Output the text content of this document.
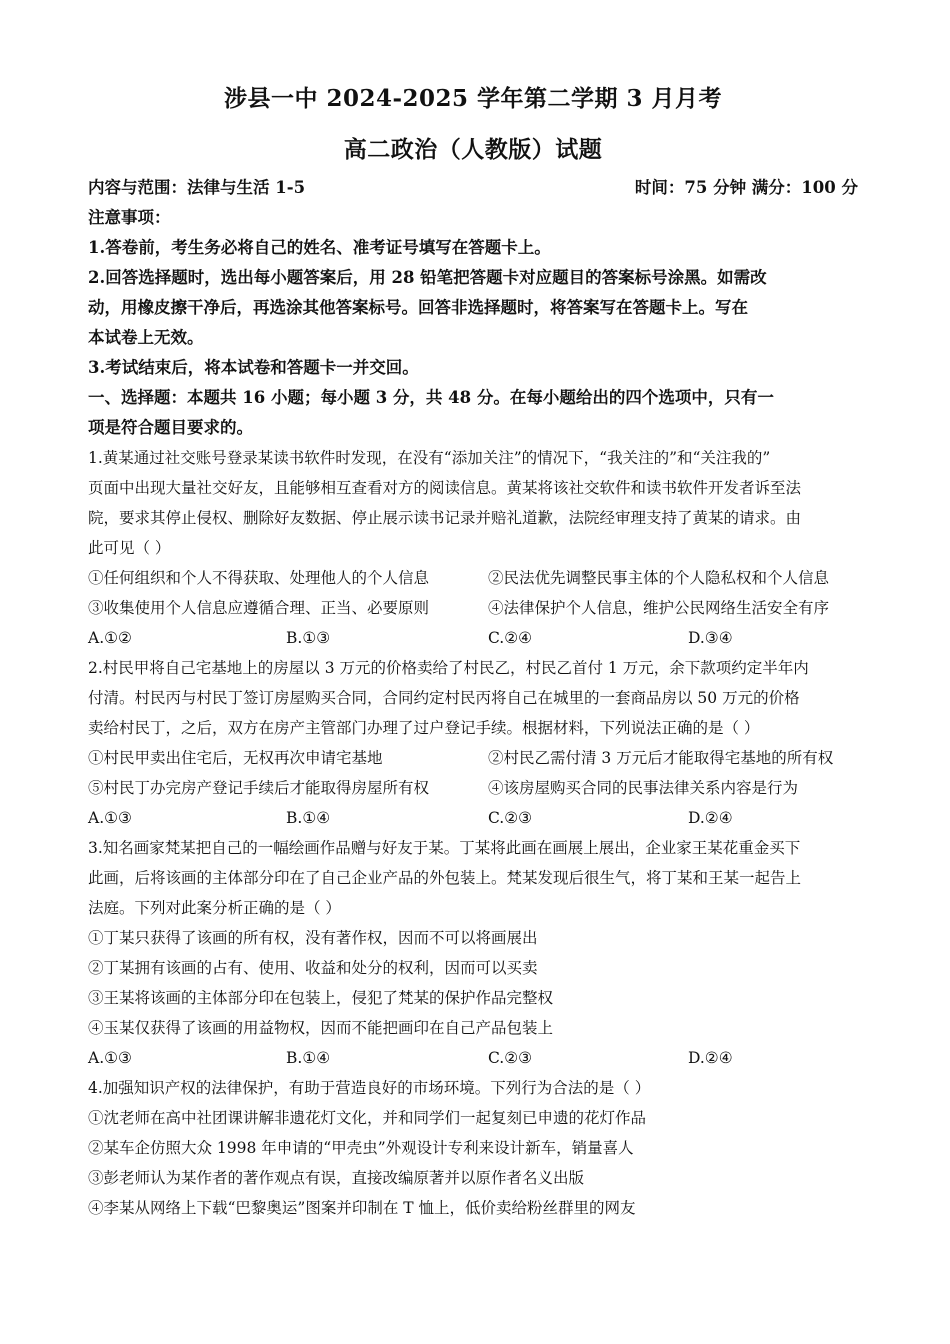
涉县一中 2024-2025 学年第二学期 3 月月考
高二政治（人教版）试题
内容与范围：法律与生活 1-5	时间：75 分钟 满分：100 分
注意事项：
1.答卷前，考生务必将自己的姓名、准考证号填写在答题卡上。
2.回答选择题时，选出每小题答案后，用 28 铅笔把答题卡对应题目的答案标号涂黑。如需改
动，用橡皮擦干净后，再选涂其他答案标号。回答非选择题时，将答案写在答题卡上。写在
本试卷上无效。
3.考试结束后，将本试卷和答题卡一并交回。
一、选择题：本题共 16 小题；每小题 3 分，共 48 分。在每小题给出的四个选项中，只有一
项是符合题目要求的。
1.黄某通过社交账号登录某读书软件时发现，在没有“添加关注”的情况下，“我关注的”和“关注我的”
页面中出现大量社交好友，且能够相互查看对方的阅读信息。黄某将该社交软件和读书软件开发者诉至法
院，要求其停止侵权、删除好友数据、停止展示读书记录并赔礼道歉，法院经审理支持了黄某的请求。由
此可见（ ）
①任何组织和个人不得获取、处理他人的个人信息	②民法优先调整民事主体的个人隐私权和个人信息
③收集使用个人信息应遵循合理、正当、必要原则	④法律保护个人信息，维护公民网络生活安全有序
A.①②	B.①③	C.②④	D.③④
2.村民甲将自己宅基地上的房屋以 3 万元的价格卖给了村民乙，村民乙首付 1 万元，余下款项约定半年内
付清。村民丙与村民丁签订房屋购买合同，合同约定村民丙将自己在城里的一套商品房以 50 万元的价格
卖给村民丁，之后，双方在房产主管部门办理了过户登记手续。根据材料，下列说法正确的是（ ）
①村民甲卖出住宅后，无权再次申请宅基地	②村民乙需付清 3 万元后才能取得宅基地的所有权
⑤村民丁办完房产登记手续后才能取得房屋所有权	④该房屋购买合同的民事法律关系内容是行为
A.①③	B.①④	C.②③	D.②④
3.知名画家梵某把自己的一幅绘画作品赠与好友于某。丁某将此画在画展上展出，企业家王某花重金买下
此画，后将该画的主体部分印在了自己企业产品的外包装上。梵某发现后很生气，将丁某和王某一起告上
法庭。下列对此案分析正确的是（ ）
①丁某只获得了该画的所有权，没有著作权，因而不可以将画展出
②丁某拥有该画的占有、使用、收益和处分的权利，因而可以买卖
③王某将该画的主体部分印在包装上，侵犯了梵某的保护作品完整权
④玉某仅获得了该画的用益物权，因而不能把画印在自己产品包装上
A.①③	B.①④	C.②③	D.②④
4.加强知识产权的法律保护，有助于营造良好的市场环境。下列行为合法的是（ ）
①沈老师在高中社团课讲解非遗花灯文化，并和同学们一起复刻已申遗的花灯作品
②某车企仿照大众 1998 年申请的“甲壳虫”外观设计专利来设计新车，销量喜人
③彭老师认为某作者的著作观点有误，直接改编原著并以原作者名义出版
④李某从网络上下载“巴黎奥运”图案并印制在 T 恤上，低价卖给粉丝群里的网友
